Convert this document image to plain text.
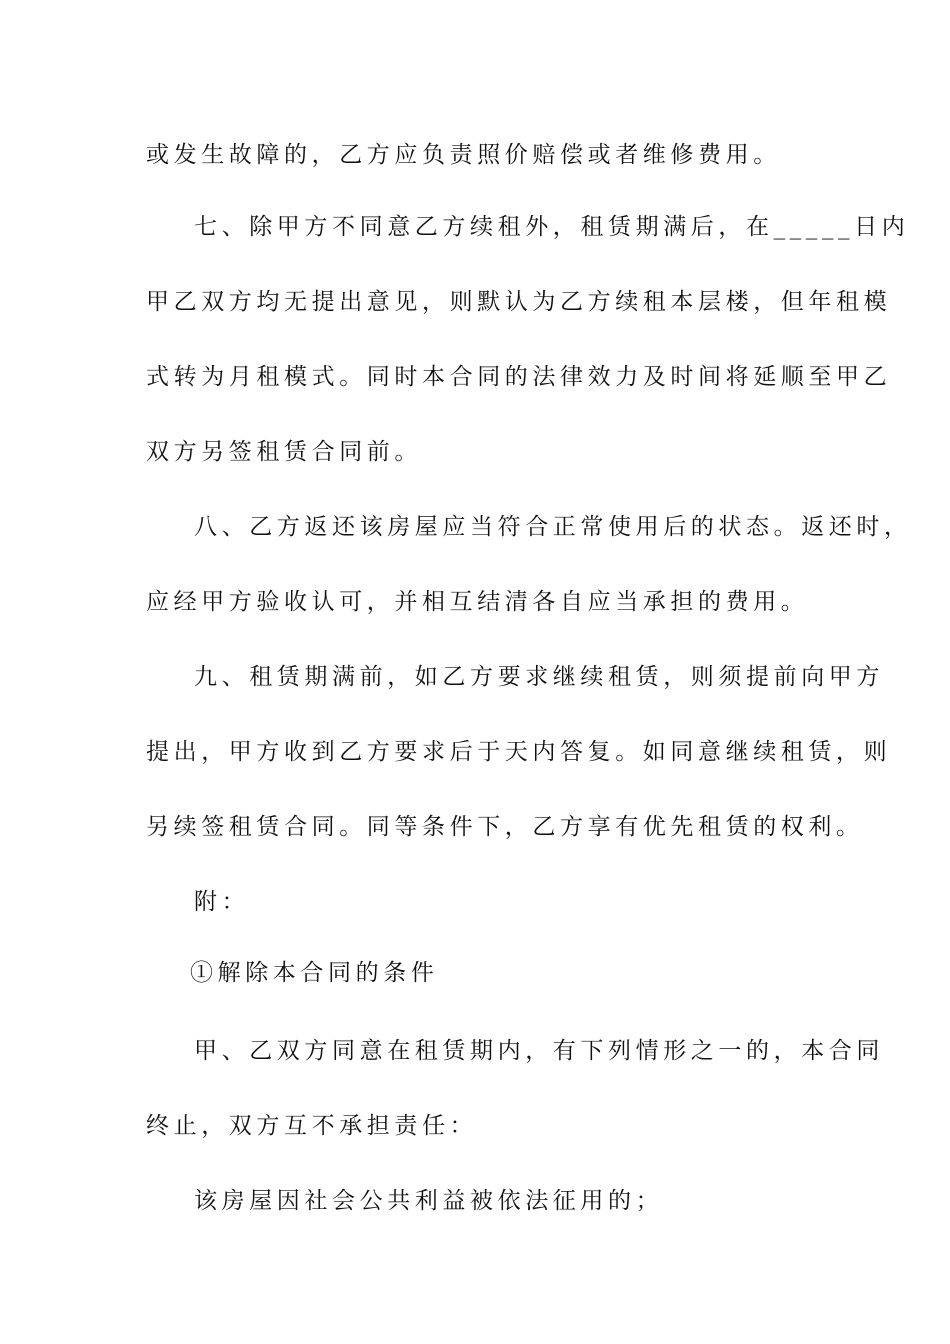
或发生故障的，乙方应负责照价赔偿或者维修费用。
七、除甲方不同意乙方续租外，租赁期满后，在_____日内
甲乙双方均无提出意见，则默认为乙方续租本层楼，但年租模
式转为月租模式。同时本合同的法律效力及时间将延顺至甲乙
双方另签租赁合同前。
八、乙方返还该房屋应当符合正常使用后的状态。返还时，
应经甲方验收认可，并相互结清各自应当承担的费用。
九、租赁期满前，如乙方要求继续租赁，则须提前向甲方
提出，甲方收到乙方要求后于天内答复。如同意继续租赁，则
另续签租赁合同。同等条件下，乙方享有优先租赁的权利。
附：
①解除本合同的条件
甲、乙双方同意在租赁期内，有下列情形之一的，本合同
终止，双方互不承担责任：
该房屋因社会公共利益被依法征用的；
